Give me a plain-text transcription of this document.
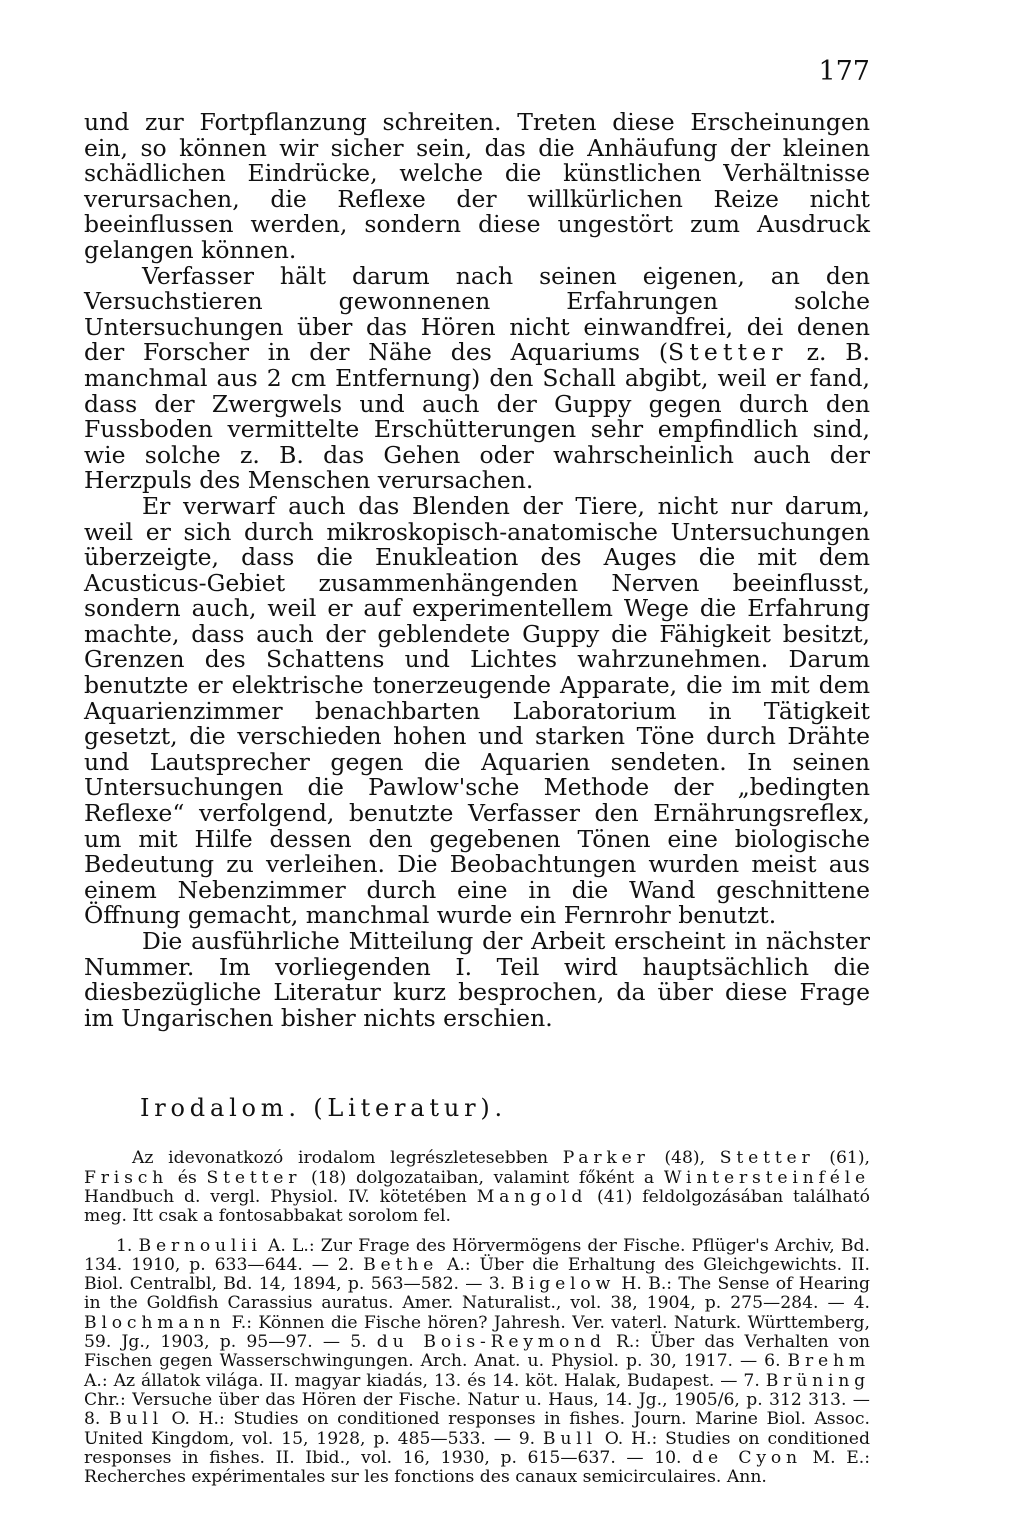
177

und zur Fortpflanzung schreiten. Treten diese Erscheinungen ein, so können wir sicher sein, das die Anhäufung der kleinen schädlichen Eindrücke, welche die künstlichen Verhältnisse verursachen, die Reflexe der willkürlichen Reize nicht beeinflussen werden, sondern diese ungestört zum Ausdruck gelangen können.

Verfasser hält darum nach seinen eigenen, an den Versuchstieren gewonnenen Erfahrungen solche Untersuchungen über das Hören nicht einwandfrei, dei denen der Forscher in der Nähe des Aquariums (Stetter z. B. manchmal aus 2 cm Entfernung) den Schall abgibt, weil er fand, dass der Zwergwels und auch der Guppy gegen durch den Fussboden vermittelte Erschütterungen sehr empfindlich sind, wie solche z. B. das Gehen oder wahrscheinlich auch der Herzpuls des Menschen verursachen.

Er verwarf auch das Blenden der Tiere, nicht nur darum, weil er sich durch mikroskopisch-anatomische Untersuchungen überzeigte, dass die Enukleation des Auges die mit dem Acusticus-Gebiet zusammenhängenden Nerven beeinflusst, sondern auch, weil er auf experimentellem Wege die Erfahrung machte, dass auch der geblendete Guppy die Fähigkeit besitzt, Grenzen des Schattens und Lichtes wahrzunehmen. Darum benutzte er elektrische tonerzeugende Apparate, die im mit dem Aquarienzimmer benachbarten Laboratorium in Tätigkeit gesetzt, die verschieden hohen und starken Töne durch Drähte und Lautsprecher gegen die Aquarien sendeten. In seinen Untersuchungen die Pawlow'sche Methode der „bedingten Reflexe“ verfolgend, benutzte Verfasser den Ernährungsreflex, um mit Hilfe dessen den gegebenen Tönen eine biologische Bedeutung zu verleihen. Die Beobachtungen wurden meist aus einem Nebenzimmer durch eine in die Wand geschnittene Öffnung gemacht, manchmal wurde ein Fernrohr benutzt.

Die ausführliche Mitteilung der Arbeit erscheint in nächster Nummer. Im vorliegenden I. Teil wird hauptsächlich die diesbezügliche Literatur kurz besprochen, da über diese Frage im Ungarischen bisher nichts erschien.

Irodalom. (Literatur).

Az idevonatkozó irodalom legrészletesebben Parker (48), Stetter (61), Frisch és Stetter (18) dolgozataiban, valamint főként a Wintersteinféle Handbuch d. vergl. Physiol. IV. kötetében Mangold (41) feldolgozásában található meg. Itt csak a fontosabbakat sorolom fel.

1. Bernoulii A. L.: Zur Frage des Hörvermögens der Fische. Pflüger's Archiv, Bd. 134. 1910, p. 633—644. — 2. Bethe A.: Über die Erhaltung des Gleichgewichts. II. Biol. Centralbl, Bd. 14, 1894, p. 563—582. — 3. Bigelow H. B.: The Sense of Hearing in the Goldfish Carassius auratus. Amer. Naturalist., vol. 38, 1904, p. 275—284. — 4. Blochmann F.: Können die Fische hören? Jahresh. Ver. vaterl. Naturk. Württemberg, 59. Jg., 1903, p. 95—97. — 5. du Bois-Reymond R.: Über das Verhalten von Fischen gegen Wasserschwingungen. Arch. Anat. u. Physiol. p. 30, 1917. — 6. Brehm A.: Az állatok világa. II. magyar kiadás, 13. és 14. köt. Halak, Budapest. — 7. Brüning Chr.: Versuche über das Hören der Fische. Natur u. Haus, 14. Jg., 1905/6, p. 312 313. — 8. Bull O. H.: Studies on conditioned responses in fishes. Journ. Marine Biol. Assoc. United Kingdom, vol. 15, 1928, p. 485—533. — 9. Bull O. H.: Studies on conditioned responses in fishes. II. Ibid., vol. 16, 1930, p. 615—637. — 10. de Cyon M. E.: Recherches expérimentales sur les fonctions des canaux semicirculaires. Ann.
